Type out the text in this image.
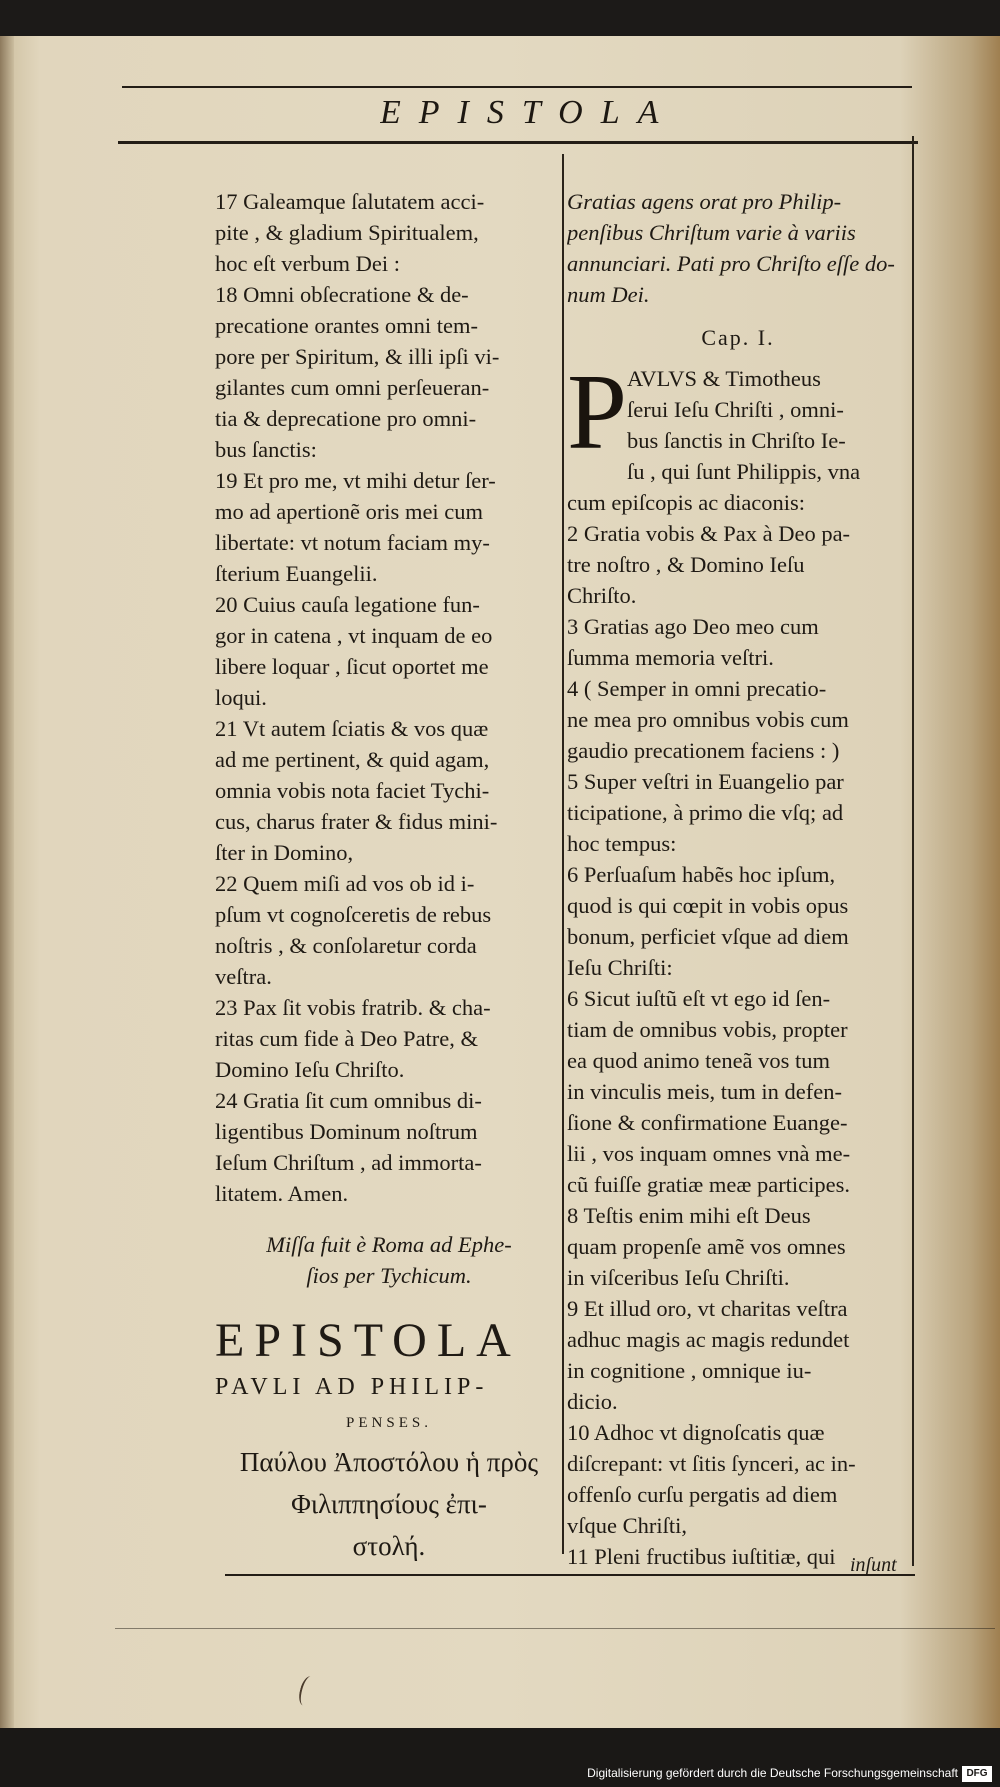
EPISTOLA
17 Galeamque ſalutatem acci-
pite , & gladium Spiritualem,
hoc eſt verbum Dei :
18 Omni obſecratione & de-
precatione orantes omni tem-
pore per Spiritum, & illi ipſi vi-
gilantes cum omni perſeueran-
tia & deprecatione pro omni-
bus ſanctis:
19 Et pro me, vt mihi detur ſer-
mo ad apertionẽ oris mei cum
libertate: vt notum faciam my-
ſterium Euangelii.
20 Cuius cauſa legatione fun-
gor in catena , vt inquam de eo
libere loquar , ſicut oportet me
loqui.
21 Vt autem ſciatis & vos quæ
ad me pertinent, & quid agam,
omnia vobis nota faciet Tychi-
cus, charus frater & fidus mini-
ſter in Domino,
22 Quem miſi ad vos ob id i-
pſum vt cognoſceretis de rebus
noſtris , & conſolaretur corda
veſtra.
23 Pax ſit vobis fratrib. & cha-
ritas cum fide à Deo Patre, &
Domino Ieſu Chriſto.
24 Gratia ſit cum omnibus di-
ligentibus Dominum noſtrum
Ieſum Chriſtum , ad immorta-
litatem. Amen.
Miſſa fuit è Roma ad Ephe-
ſios per Tychicum.
EPISTOLA
PAVLI AD PHILIP-
PENSES.
Παύλου Ἀποστόλου ἡ πρὸς
Φιλιππησίους ἐπι-
στολή.
Gratias agens orat pro Philip-
penſibus Chriſtum varie à variis
annunciari. Pati pro Chriſto eſſe do-
num Dei.
Cap. I.
P AVLVS & Timotheus
ſerui Ieſu Chriſti , omni-
bus ſanctis in Chriſto Ie-
ſu , qui ſunt Philippis, vna
cum epiſcopis ac diaconis:
2 Gratia vobis & Pax à Deo pa-
tre noſtro , & Domino Ieſu
Chriſto.
3 Gratias ago Deo meo cum
ſumma memoria veſtri.
4 ( Semper in omni precatio-
ne mea pro omnibus vobis cum
gaudio precationem faciens : )
5 Super veſtri in Euangelio par
ticipatione, à primo die vſq; ad
hoc tempus:
6 Perſuaſum habẽs hoc ipſum,
quod is qui cœpit in vobis opus
bonum, perficiet vſque ad diem
Ieſu Chriſti:
6 Sicut iuſtũ eſt vt ego id ſen-
tiam de omnibus vobis, propter
ea quod animo teneã vos tum
in vinculis meis, tum in defen-
ſione & confirmatione Euange-
lii , vos inquam omnes vnà me-
cũ fuiſſe gratiæ meæ participes.
8 Teſtis enim mihi eſt Deus
quam propenſe amẽ vos omnes
in viſceribus Ieſu Chriſti.
9 Et illud oro, vt charitas veſtra
adhuc magis ac magis redundet
in cognitione , omnique iu-
dicio.
10 Adhoc vt dignoſcatis quæ
diſcrepant: vt ſitis ſynceri, ac in-
offenſo curſu pergatis ad diem
vſque Chriſti,
11 Pleni fructibus iuſtitiæ, qui inſunt
Digitalisierung gefördert durch die Deutsche Forschungsgemeinschaft DFG
